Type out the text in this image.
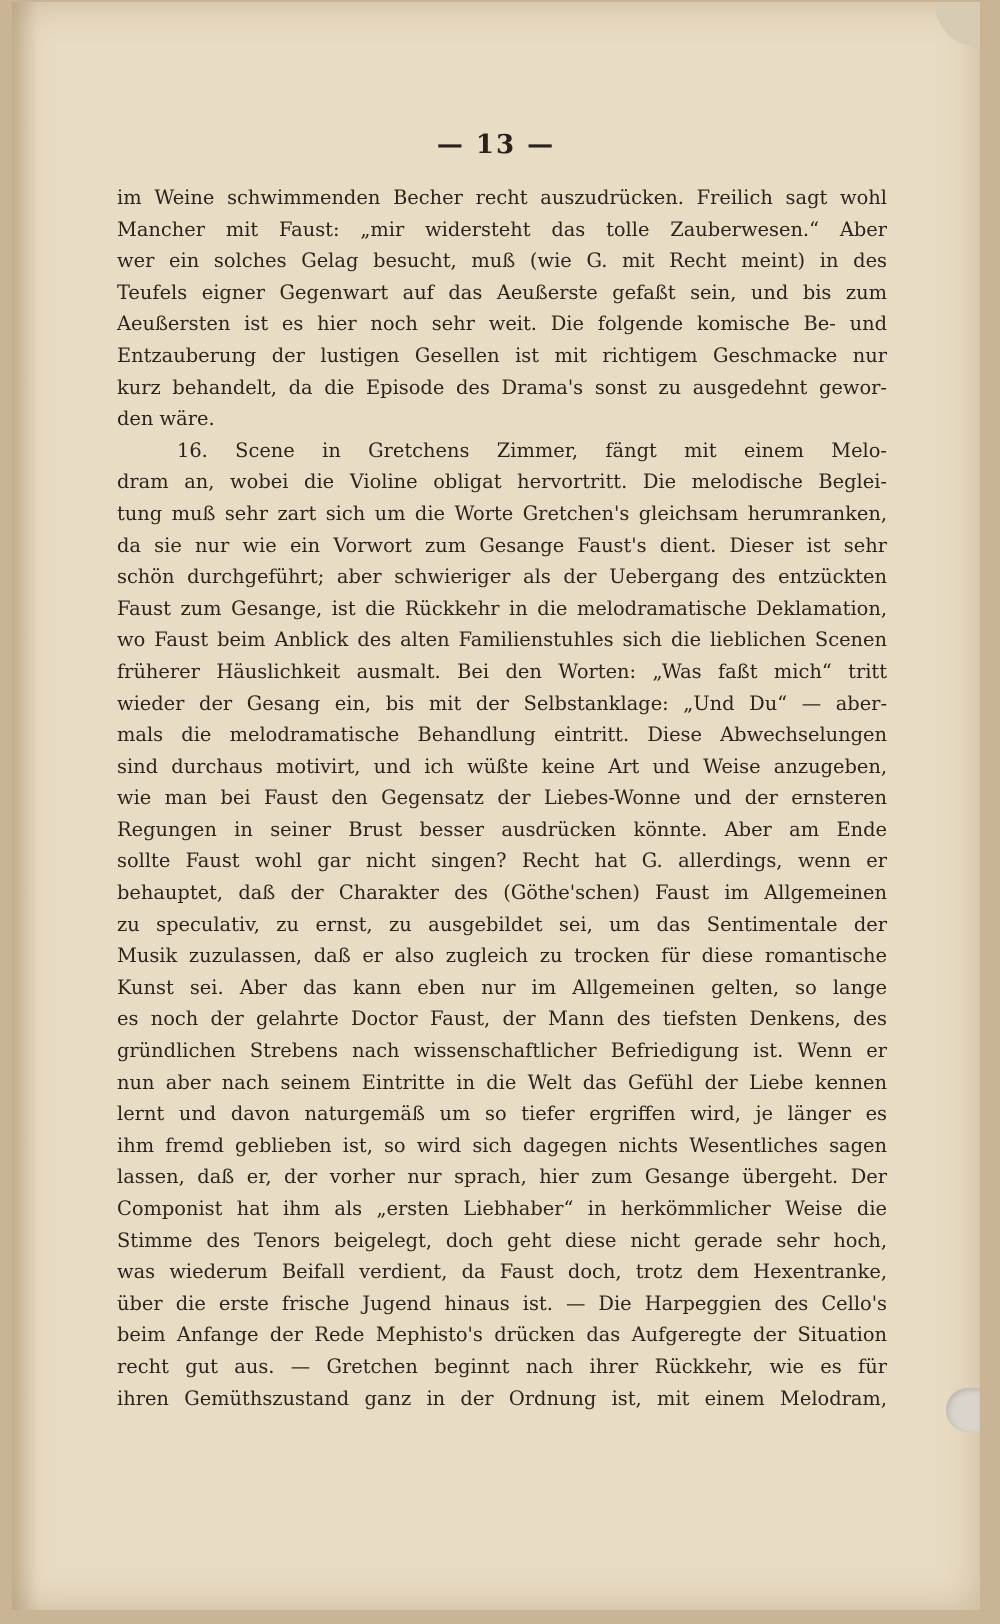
— 13 —
im Weine schwimmenden Becher recht auszudrücken. Freilich sagt wohl
Mancher mit Faust: „mir widersteht das tolle Zauberwesen.“ Aber
wer ein solches Gelag besucht, muß (wie G. mit Recht meint) in des
Teufels eigner Gegenwart auf das Aeußerste gefaßt sein, und bis zum
Aeußersten ist es hier noch sehr weit. Die folgende komische Be- und
Entzauberung der lustigen Gesellen ist mit richtigem Geschmacke nur
kurz behandelt, da die Episode des Drama's sonst zu ausgedehnt gewor-
den wäre.
16. Scene in Gretchens Zimmer, fängt mit einem Melo-
dram an, wobei die Violine obligat hervortritt. Die melodische Beglei-
tung muß sehr zart sich um die Worte Gretchen's gleichsam herumranken,
da sie nur wie ein Vorwort zum Gesange Faust's dient. Dieser ist sehr
schön durchgeführt; aber schwieriger als der Uebergang des entzückten
Faust zum Gesange, ist die Rückkehr in die melodramatische Deklamation,
wo Faust beim Anblick des alten Familienstuhles sich die lieblichen Scenen
früherer Häuslichkeit ausmalt. Bei den Worten: „Was faßt mich“ tritt
wieder der Gesang ein, bis mit der Selbstanklage: „Und Du“ — aber-
mals die melodramatische Behandlung eintritt. Diese Abwechselungen
sind durchaus motivirt, und ich wüßte keine Art und Weise anzugeben,
wie man bei Faust den Gegensatz der Liebes-Wonne und der ernsteren
Regungen in seiner Brust besser ausdrücken könnte. Aber am Ende
sollte Faust wohl gar nicht singen? Recht hat G. allerdings, wenn er
behauptet, daß der Charakter des (Göthe'schen) Faust im Allgemeinen
zu speculativ, zu ernst, zu ausgebildet sei, um das Sentimentale der
Musik zuzulassen, daß er also zugleich zu trocken für diese romantische
Kunst sei. Aber das kann eben nur im Allgemeinen gelten, so lange
es noch der gelahrte Doctor Faust, der Mann des tiefsten Denkens, des
gründlichen Strebens nach wissenschaftlicher Befriedigung ist. Wenn er
nun aber nach seinem Eintritte in die Welt das Gefühl der Liebe kennen
lernt und davon naturgemäß um so tiefer ergriffen wird, je länger es
ihm fremd geblieben ist, so wird sich dagegen nichts Wesentliches sagen
lassen, daß er, der vorher nur sprach, hier zum Gesange übergeht. Der
Componist hat ihm als „ersten Liebhaber“ in herkömmlicher Weise die
Stimme des Tenors beigelegt, doch geht diese nicht gerade sehr hoch,
was wiederum Beifall verdient, da Faust doch, trotz dem Hexentranke,
über die erste frische Jugend hinaus ist. — Die Harpeggien des Cello's
beim Anfange der Rede Mephisto's drücken das Aufgeregte der Situation
recht gut aus. — Gretchen beginnt nach ihrer Rückkehr, wie es für
ihren Gemüthszustand ganz in der Ordnung ist, mit einem Melodram,
